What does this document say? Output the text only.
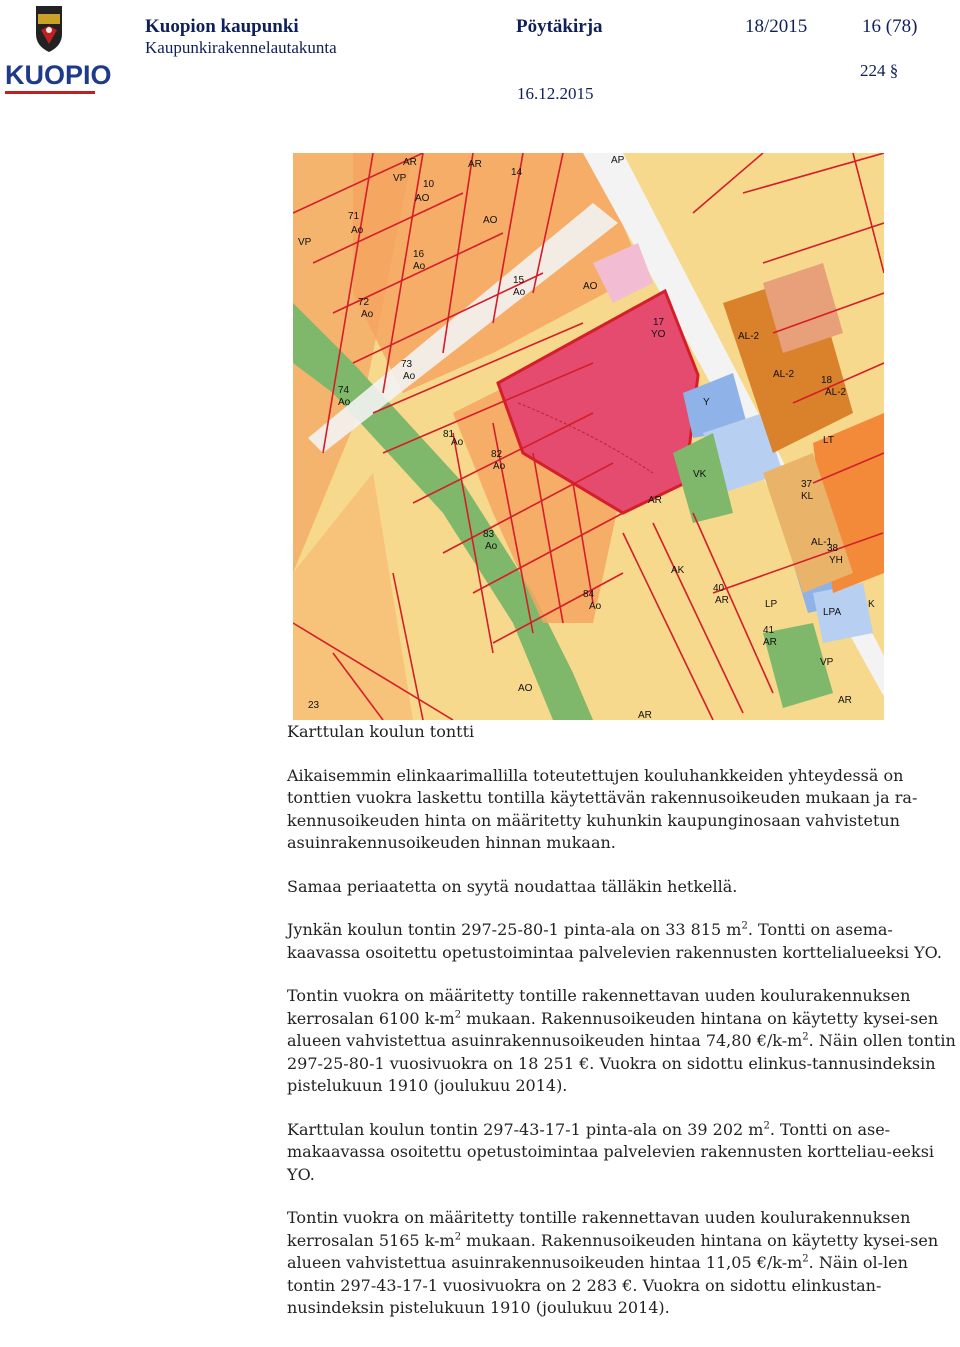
KUOPIO
Kuopion kaupunki
Kaupunkirakennelautakunta
Pöytäkirja	18/2015	16 (78)
224 §
16.12.2015
AR	AR
14
AP
VP
10
AO
71
Ao
AO
VP
16
Ao
15
Ao
AO
72
Ao
17
YO
73
Ao
74
Ao
AL-2
AL-2
18
AL-2
Y
VK
AR
LT
37
KL
81
Ao
82
Ao
83
Ao
84
Ao
AK
40
AR
AL-1
38
YH
LP
LPA
K
41
AR
VP
AO
AR
23	AR

Karttulan koulun tontti

Aikaisemmin elinkaarimallilla toteutettujen kouluhankkeiden yhteydessä on tonttien vuokra laskettu tontilla käytettävän rakennusoikeuden mukaan ja ra-kennusoikeuden hinta on määritetty kuhunkin kaupunginosaan vahvistetun asuinrakennusoikeuden hinnan mukaan.

Samaa periaatetta on syytä noudattaa tälläkin hetkellä.

Jynkän koulun tontin 297-25-80-1 pinta-ala on 33 815 $m^2$. Tontti on asema-kaavassa osoitettu opetustoimintaa palvelevien rakennusten korttelialueeksi YO.

Tontin vuokra on määritetty tontille rakennettavan uuden koulurakennuksen kerrosalan 6100 $k-m^2$ mukaan. Rakennusoikeuden hintana on käytetty kysei-sen alueen vahvistettua asuinrakennusoikeuden hintaa 74,80 $€/k-m^2$. Näin ollen tontin 297-25-80-1 vuosivuokra on 18 251 €. Vuokra on sidottu elinkus-tannusindeksin pistelukuun 1910 (joulukuu 2014).

Karttulan koulun tontin 297-43-17-1 pinta-ala on 39 202 $m^2$. Tontti on ase-makaavassa osoitettu opetustoimintaa palvelevien rakennusten kortteliau-eeksi YO.

Tontin vuokra on määritetty tontille rakennettavan uuden koulurakennuksen kerrosalan 5165 $k-m^2$ mukaan. Rakennusoikeuden hintana on käytetty kysei-sen alueen vahvistettua asuinrakennusoikeuden hintaa 11,05 $€/k-m^2$. Näin ol-len tontin 297-43-17-1 vuosivuokra on 2 283 €. Vuokra on sidottu elinkustan-nusindeksin pistelukuun 1910 (joulukuu 2014).
